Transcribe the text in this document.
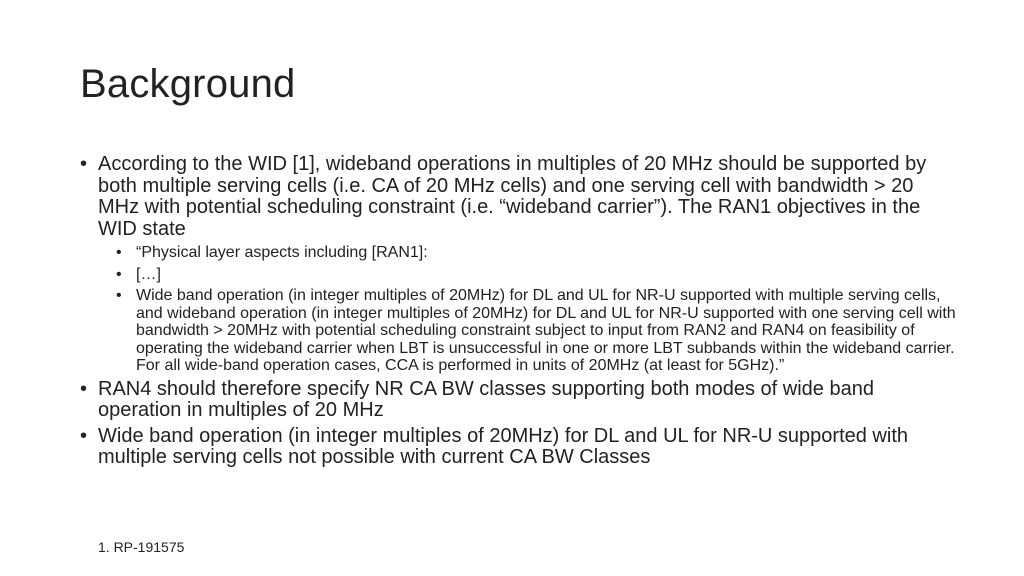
Background
• According to the WID [1], wideband operations in multiples of 20 MHz should be supported by both multiple serving cells (i.e. CA of 20 MHz cells) and one serving cell with bandwidth > 20 MHz with potential scheduling constraint (i.e. “wideband carrier”). The RAN1 objectives in the WID state
• “Physical layer aspects including [RAN1]:
• […]
• Wide band operation (in integer multiples of 20MHz) for DL and UL for NR-U supported with multiple serving cells, and wideband operation (in integer multiples of 20MHz) for DL and UL for NR-U supported with one serving cell with bandwidth > 20MHz with potential scheduling constraint subject to input from RAN2 and RAN4 on feasibility of operating the wideband carrier when LBT is unsuccessful in one or more LBT subbands within the wideband carrier. For all wide-band operation cases, CCA is performed in units of 20MHz (at least for 5GHz).”
• RAN4 should therefore specify NR CA BW classes supporting both modes of wide band operation in multiples of 20 MHz
• Wide band operation (in integer multiples of 20MHz) for DL and UL for NR-U supported with multiple serving cells not possible with current CA BW Classes
1. RP-191575
